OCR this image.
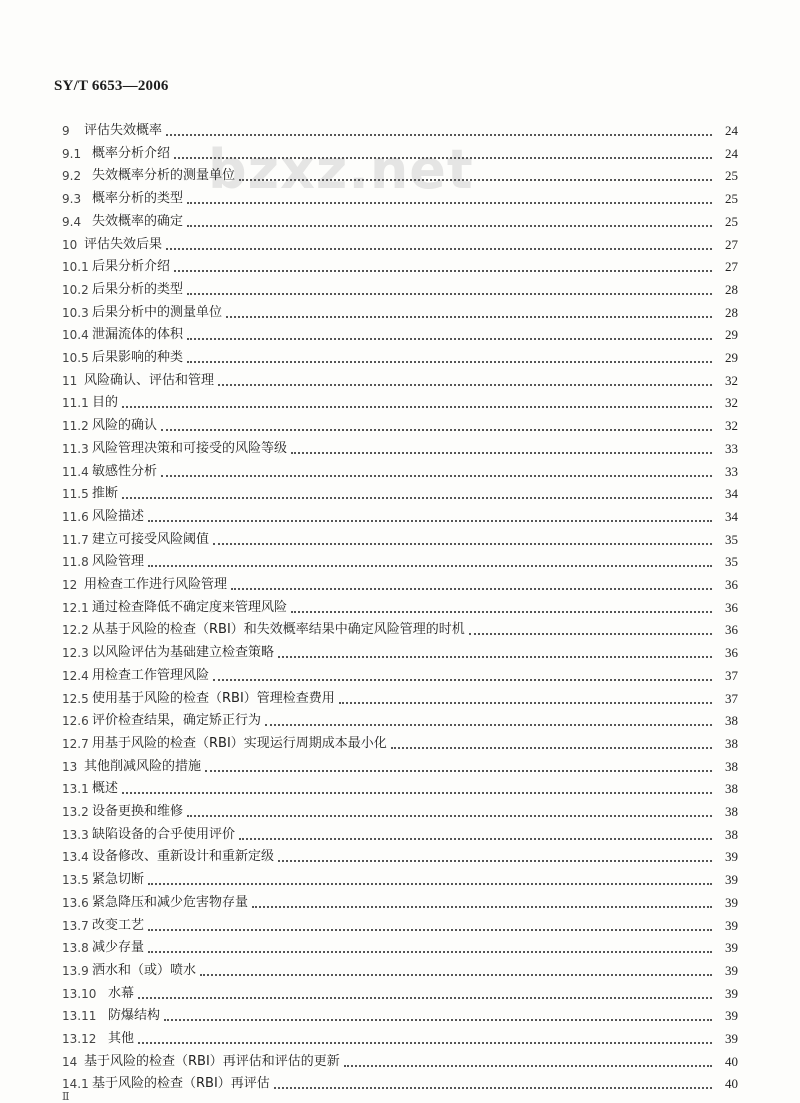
SY/T 6653—2006
bzxz.net
9	评估失效概率	24
9.1 概率分析介绍	24
9.2 失效概率分析的测量单位	25
9.3 概率分析的类型	25
9.4 失效概率的确定	25
10 评估失效后果	27
10.1 后果分析介绍	27
10.2 后果分析的类型	28
10.3 后果分析中的测量单位	28
10.4 泄漏流体的体积	29
10.5 后果影响的种类	29
11 风险确认、评估和管理	32
11.1 目的	32
11.2 风险的确认	32
11.3 风险管理决策和可接受的风险等级	33
11.4 敏感性分析	33
11.5 推断	34
11.6 风险描述	34
11.7 建立可接受风险阈值	35
11.8 风险管理	35
12 用检查工作进行风险管理	36
12.1 通过检查降低不确定度来管理风险	36
12.2 从基于风险的检查（RBI）和失效概率结果中确定风险管理的时机	36
12.3 以风险评估为基础建立检查策略	36
12.4 用检查工作管理风险	37
12.5 使用基于风险的检查（RBI）管理检查费用	37
12.6 评价检查结果，确定矫正行为	38
12.7 用基于风险的检查（RBI）实现运行周期成本最小化	38
13 其他削减风险的措施	38
13.1 概述	38
13.2 设备更换和维修	38
13.3 缺陷设备的合乎使用评价	38
13.4 设备修改、重新设计和重新定级	39
13.5 紧急切断	39
13.6 紧急降压和减少危害物存量	39
13.7 改变工艺	39
13.8 减少存量	39
13.9 洒水和（或）喷水	39
13.10 水幕	39
13.11 防爆结构	39
13.12 其他	39
14 基于风险的检查（RBI）再评估和评估的更新	40
14.1 基于风险的检查（RBI）再评估	40
Ⅱ
